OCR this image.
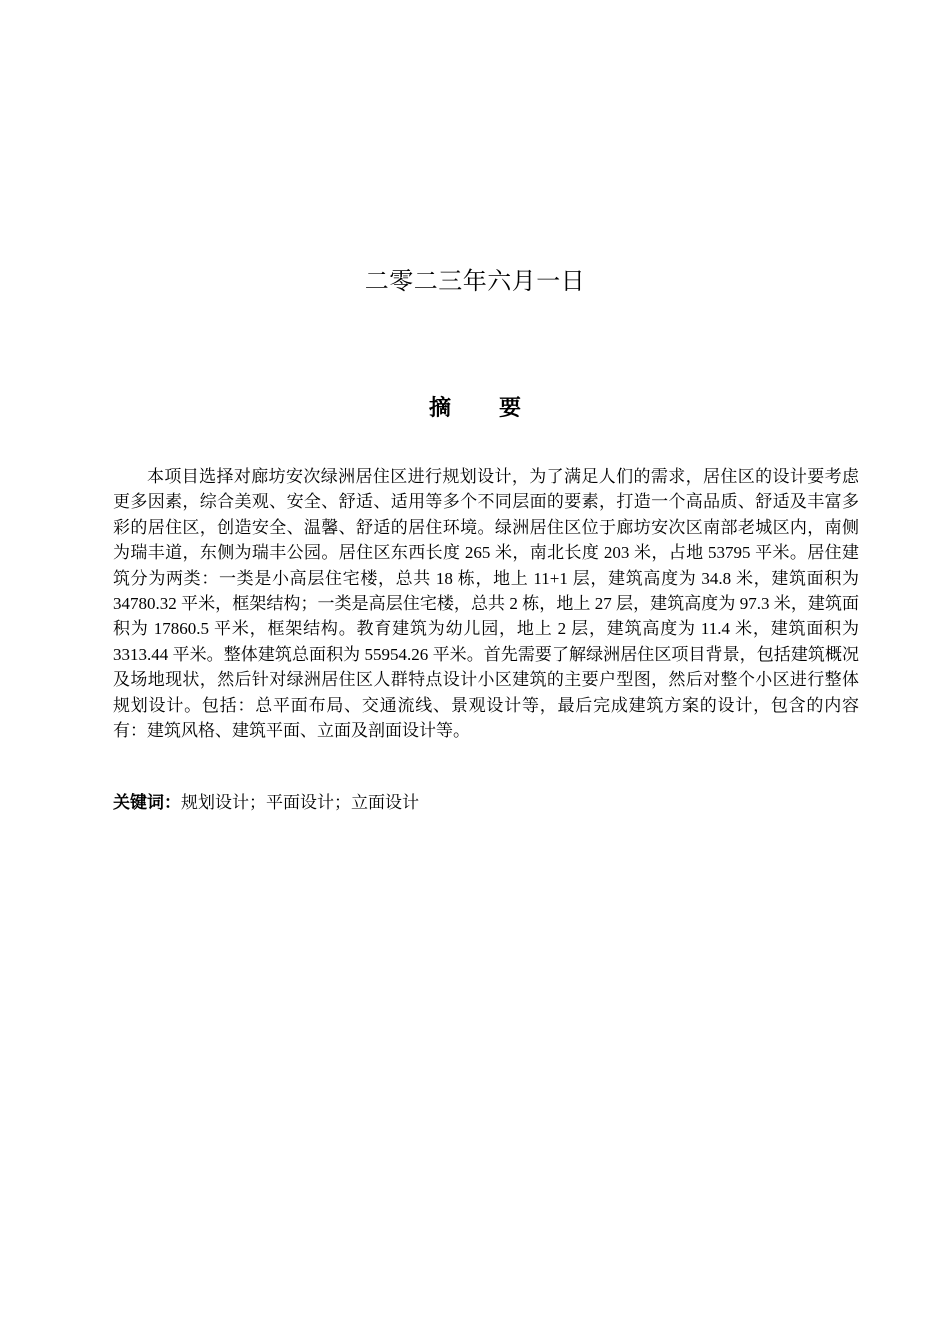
二零二三年六月一日
摘要

本项目选择对廊坊安次绿洲居住区进行规划设计，为了满足人们的需求，居住区的设计要考虑更多因素，综合美观、安全、舒适、适用等多个不同层面的要素，打造一个高品质、舒适及丰富多彩的居住区，创造安全、温馨、舒适的居住环境。绿洲居住区位于廊坊安次区南部老城区内，南侧为瑞丰道，东侧为瑞丰公园。居住区东西长度 265 米，南北长度 203 米，占地 53795 平米。居住建筑分为两类：一类是小高层住宅楼，总共 18 栋，地上 11+1 层，建筑高度为 34.8 米，建筑面积为 34780.32 平米，框架结构；一类是高层住宅楼，总共 2 栋，地上 27 层，建筑高度为 97.3 米，建筑面积为 17860.5 平米，框架结构。教育建筑为幼儿园，地上 2 层，建筑高度为 11.4 米，建筑面积为 3313.44 平米。整体建筑总面积为 55954.26 平米。首先需要了解绿洲居住区项目背景，包括建筑概况及场地现状，然后针对绿洲居住区人群特点设计小区建筑的主要户型图，然后对整个小区进行整体规划设计。包括：总平面布局、交通流线、景观设计等，最后完成建筑方案的设计，包含的内容有：建筑风格、建筑平面、立面及剖面设计等。

关键词：规划设计；平面设计；立面设计
